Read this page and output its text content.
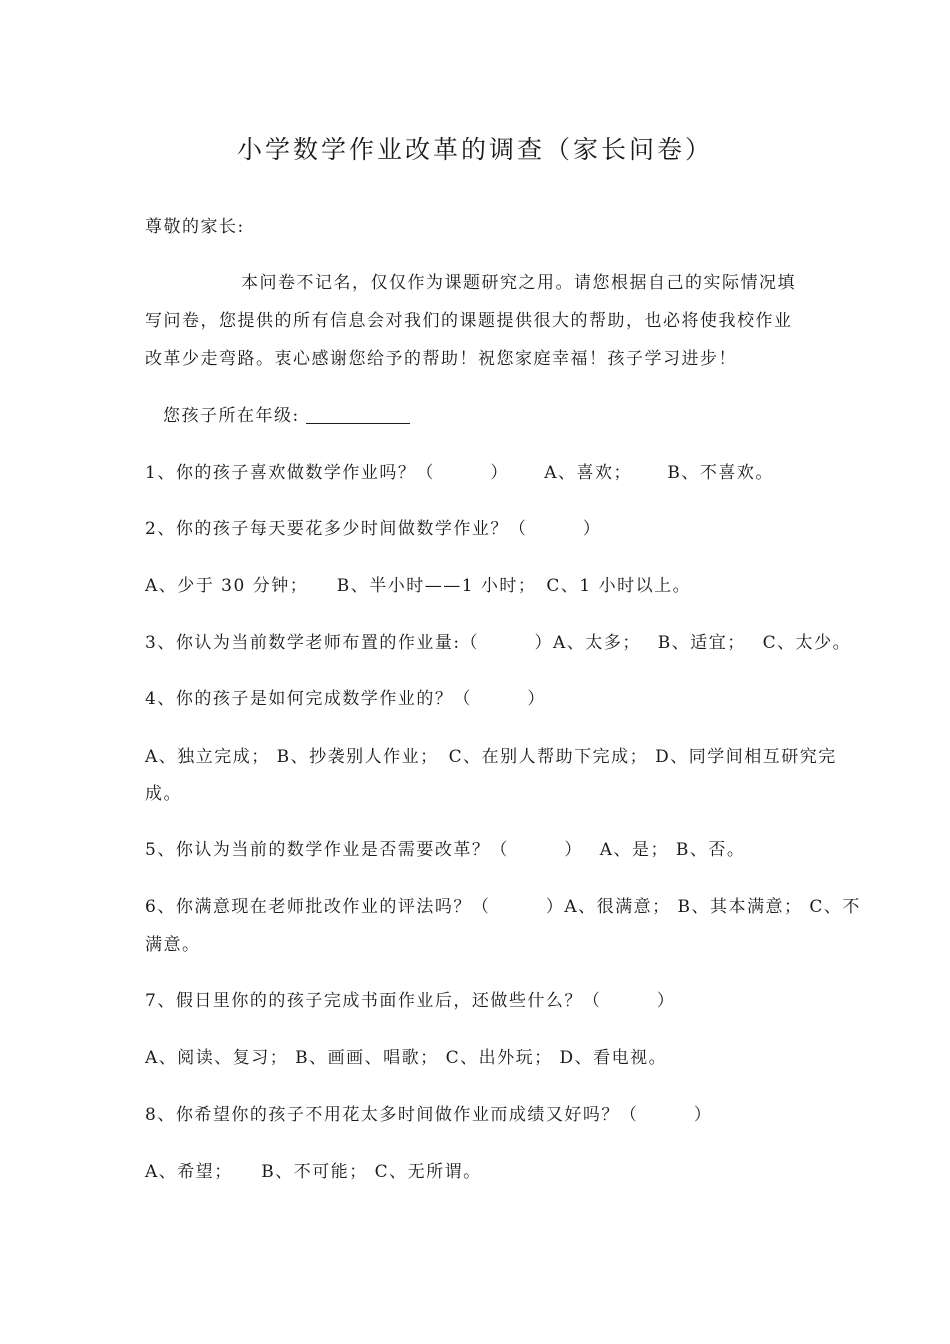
小学数学作业改革的调查（家长问卷）
尊敬的家长:
本问卷不记名，仅仅作为课题研究之用。请您根据自己的实际情况填
写问卷，您提供的所有信息会对我们的课题提供很大的帮助，也必将使我校作业
改革少走弯路。衷心感谢您给予的帮助！祝您家庭幸福！孩子学习进步！
您孩子所在年级:
1、你的孩子喜欢做数学作业吗？（　　　）　　 A、喜欢；　　 B、不喜欢。
2、你的孩子每天要花多少时间做数学作业？（　　　）
A、少于 30 分钟；　　B、半小时——1 小时；　C、1 小时以上。
3、你认为当前数学老师布置的作业量:（　　　）A、太多；　 B、适宜；　 C、太少。
4、你的孩子是如何完成数学作业的？（　　　）
A、独立完成； B、抄袭别人作业；　C、在别人帮助下完成； D、同学间相互研究完
成。
5、你认为当前的数学作业是否需要改革？（　　　）　 A、是； B、否。
6、你满意现在老师批改作业的评法吗？（　　　）A、很满意； B、其本满意； C、不
满意。
7、假日里你的的孩子完成书面作业后，还做些什么？（　　　）
A、阅读、复习； B、画画、唱歌； C、出外玩； D、看电视。
8、你希望你的孩子不用花太多时间做作业而成绩又好吗？（　　　）
A、希望；　　B、不可能； C、无所谓。
